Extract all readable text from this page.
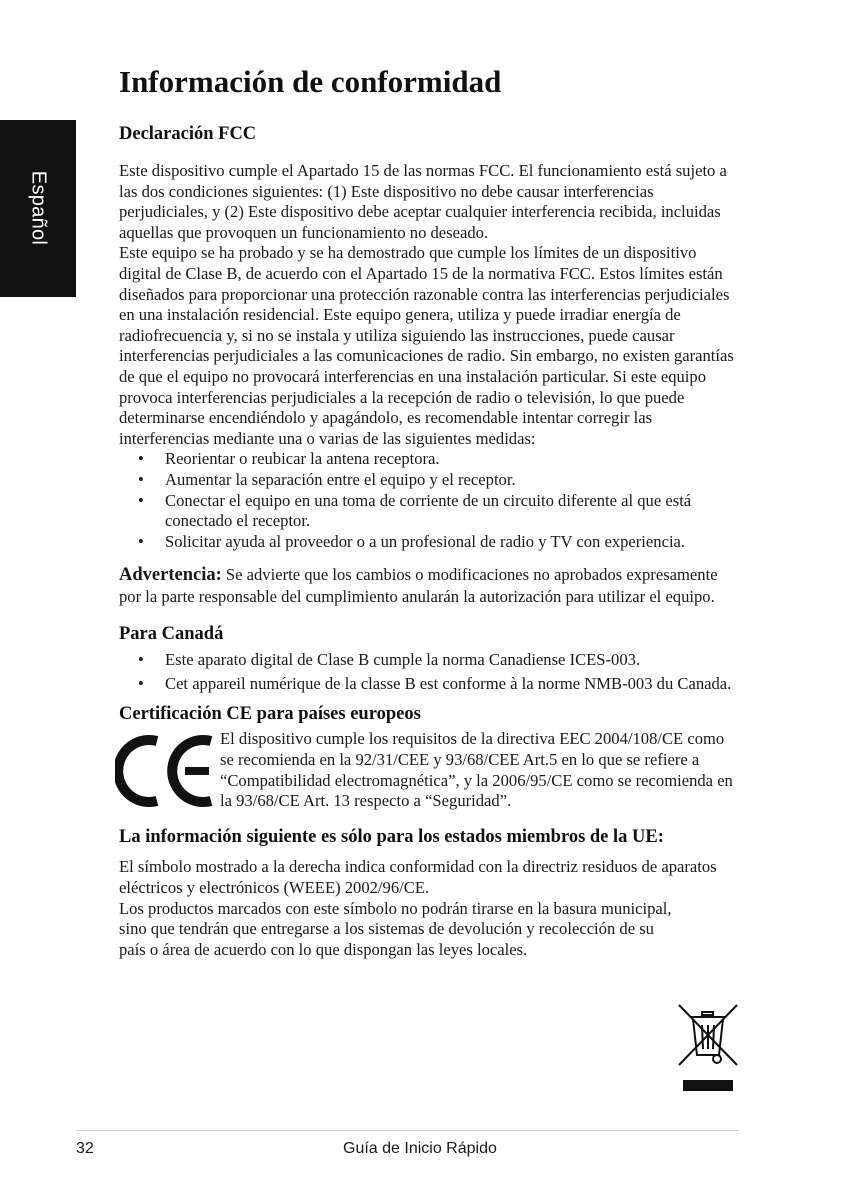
Español
Información de conformidad
Declaración FCC

Este dispositivo cumple el Apartado 15 de las normas FCC. El funcionamiento está sujeto a las dos condiciones siguientes: (1) Este dispositivo no debe causar interferencias perjudiciales, y (2) Este dispositivo debe aceptar cualquier interferencia recibida, incluidas aquellas que provoquen un funcionamiento no deseado.

Este equipo se ha probado y se ha demostrado que cumple los límites de un dispositivo digital de Clase B, de acuerdo con el Apartado 15 de la normativa FCC. Estos límites están diseñados para proporcionar una protección razonable contra las interferencias perjudiciales en una instalación residencial. Este equipo genera, utiliza y puede irradiar energía de radiofrecuencia y, si no se instala y utiliza siguiendo las instrucciones, puede causar interferencias perjudiciales a las comunicaciones de radio. Sin embargo, no existen garantías de que el equipo no provocará interferencias en una instalación particular. Si este equipo provoca interferencias perjudiciales a la recepción de radio o televisión, lo que puede determinarse encendiéndolo y apagándolo, es recomendable intentar corregir las interferencias mediante una o varias de las siguientes medidas:

• Reorientar o reubicar la antena receptora.
• Aumentar la separación entre el equipo y el receptor.
• Conectar el equipo en una toma de corriente de un circuito diferente al que está conectado el receptor.
• Solicitar ayuda al proveedor o a un profesional de radio y TV con experiencia.

Advertencia: Se advierte que los cambios o modificaciones no aprobados expresamente por la parte responsable del cumplimiento anularán la autorización para utilizar el equipo.

Para Canadá
• Este aparato digital de Clase B cumple la norma Canadiense ICES-003.
• Cet appareil numérique de la classe B est conforme à la norme NMB-003 du Canada.
Certificación CE para países europeos
El dispositivo cumple los requisitos de la directiva EEC 2004/108/CE como se recomienda en la 92/31/CEE y 93/68/CEE Art.5 en lo que se refiere a “Compatibilidad electromagnética”, y la 2006/95/CE como se recomienda en la 93/68/CE Art. 13 respecto a “Seguridad”.
La información siguiente es sólo para los estados miembros de la UE:

El símbolo mostrado a la derecha indica conformidad con la directriz residuos de aparatos eléctricos y electrónicos (WEEE) 2002/96/CE.

Los productos marcados con este símbolo no podrán tirarse en la basura municipal, sino que tendrán que entregarse a los sistemas de devolución y recolección de su país o área de acuerdo con lo que dispongan las leyes locales.

32	Guía de Inicio Rápido
